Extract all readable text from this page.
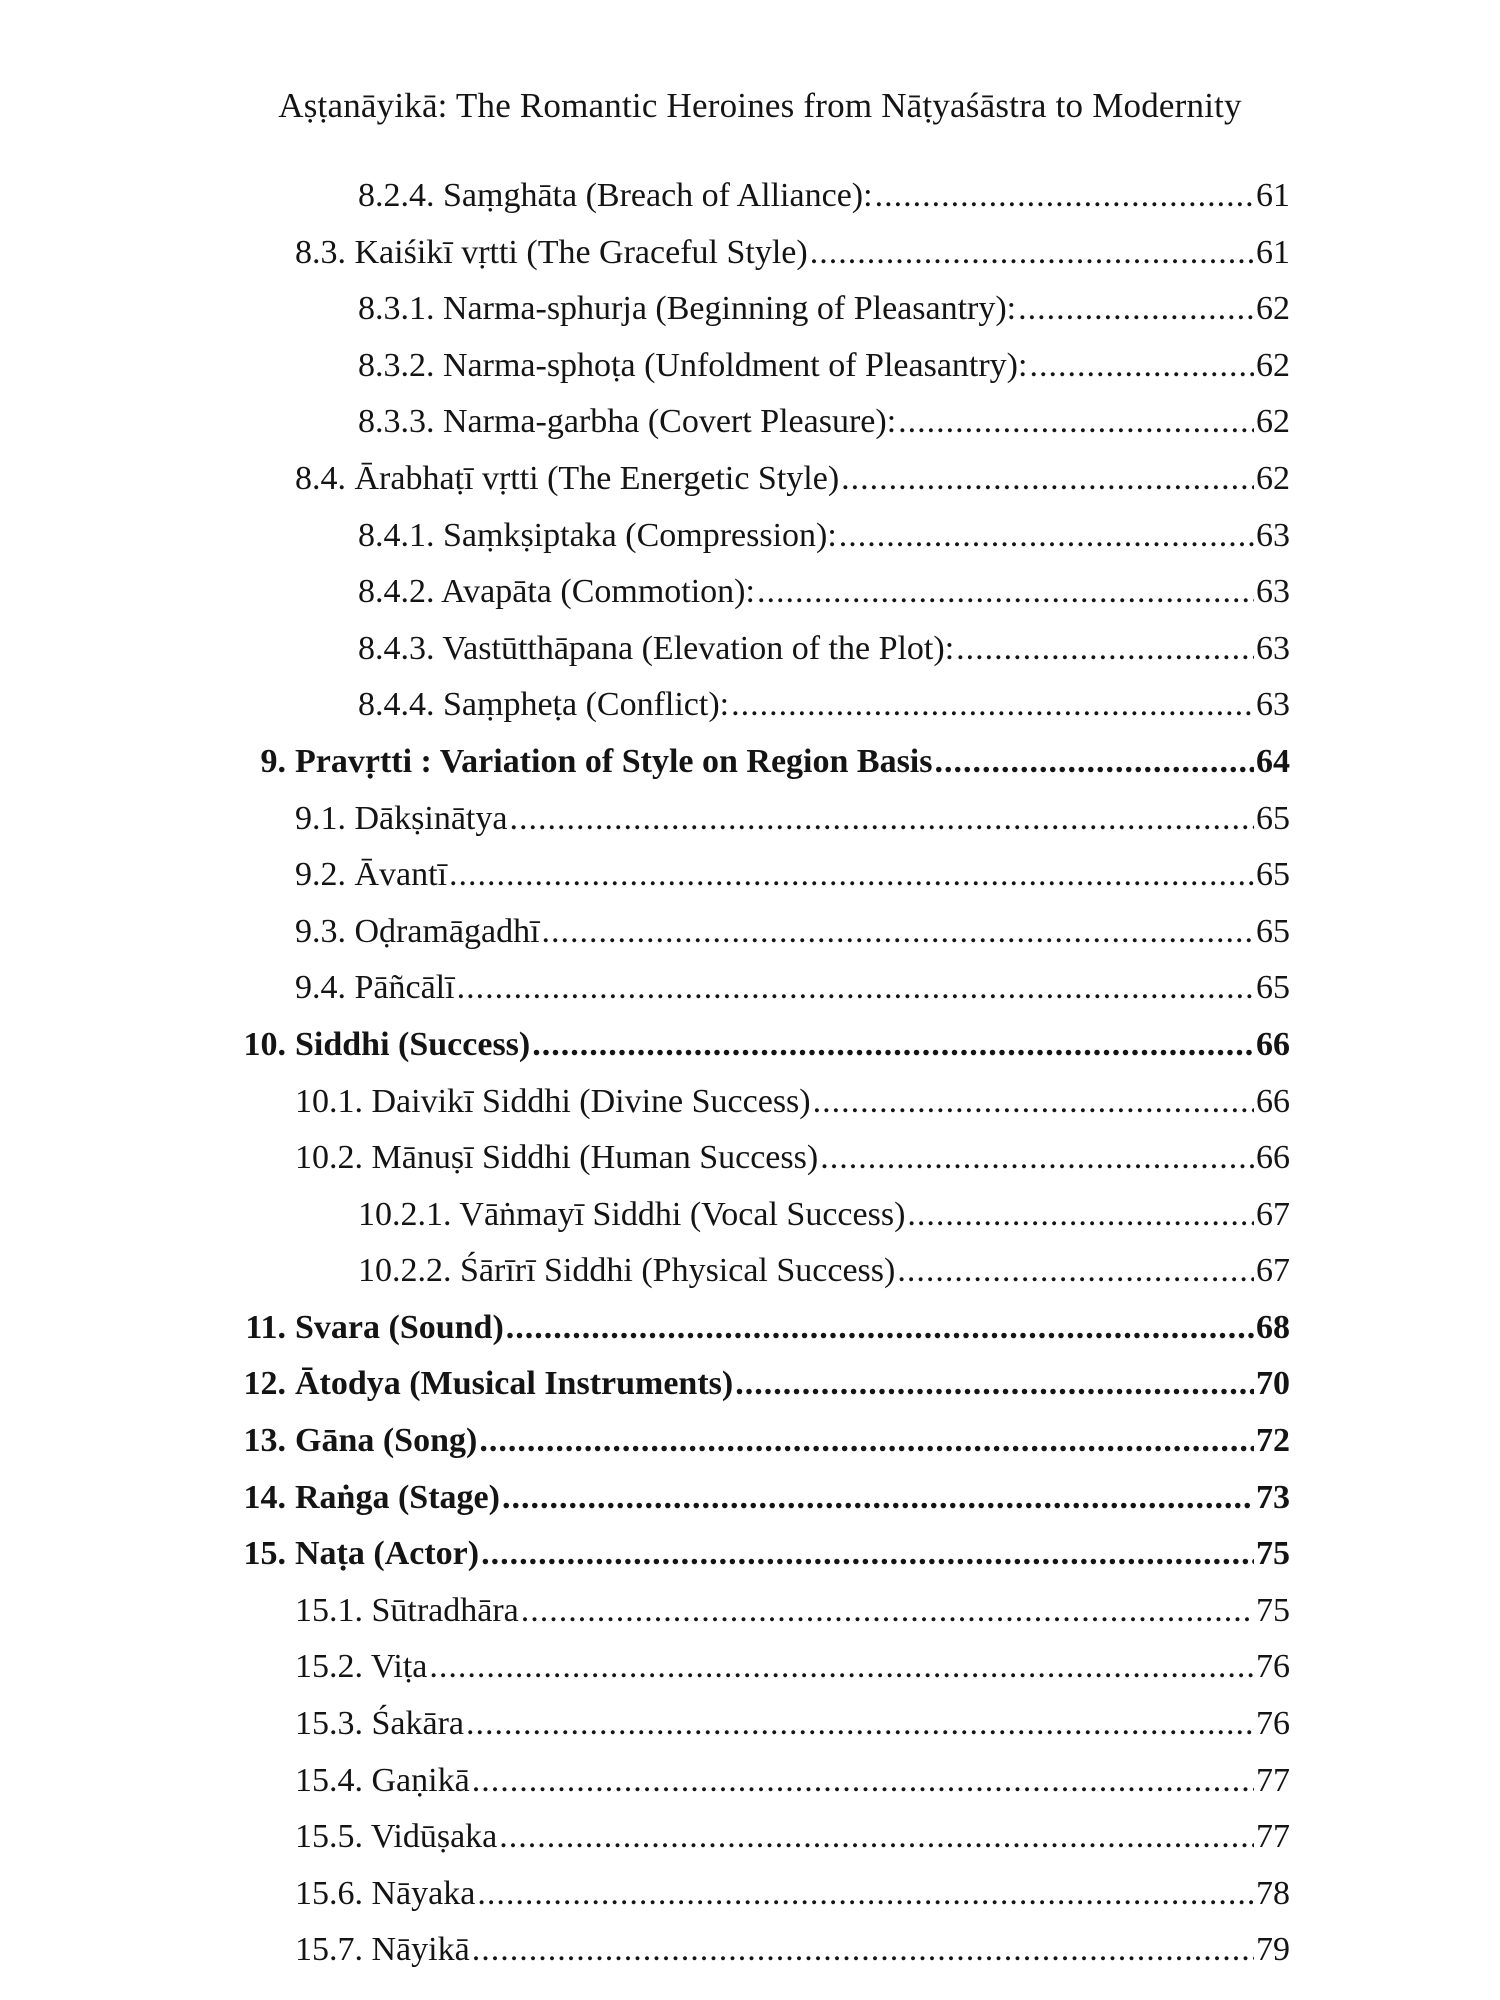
Aṣṭanāyikā: The Romantic Heroines from Nāṭyaśāstra to Modernity
8.2.4. Saṃghāta (Breach of Alliance): .....	61
8.3. Kaiśikī vṛtti (The Graceful Style) .....	61
8.3.1. Narma-sphurja (Beginning of Pleasantry): .....	62
8.3.2. Narma-sphoṭa (Unfoldment of Pleasantry): .....	62
8.3.3. Narma-garbha (Covert Pleasure): .....	62
8.4. Ārabhaṭī vṛtti (The Energetic Style) .....	62
8.4.1. Saṃkṣiptaka (Compression): .....	63
8.4.2. Avapāta (Commotion): .....	63
8.4.3. Vastūtthāpana (Elevation of the Plot): .....	63
8.4.4. Saṃpheṭa (Conflict): .....	63
9. Pravṛtti : Variation of Style on Region Basis .....	64
9.1. Dākṣinātya .....	65
9.2. Āvantī .....	65
9.3. Oḍramāgadhī .....	65
9.4. Pāñcālī .....	65
10. Siddhi (Success) .....	66
10.1. Daivikī Siddhi (Divine Success) .....	66
10.2. Mānuṣī Siddhi (Human Success) .....	66
10.2.1. Vāṅmayī Siddhi (Vocal Success) .....	67
10.2.2. Śārīrī Siddhi (Physical Success) .....	67
11. Svara (Sound) .....	68
12. Ātodya (Musical Instruments) .....	70
13. Gāna (Song) .....	72
14. Raṅga (Stage) .....	73
15. Naṭa (Actor) .....	75
15.1. Sūtradhāra .....	75
15.2. Viṭa .....	76
15.3. Śakāra .....	76
15.4. Gaṇikā .....	77
15.5. Vidūṣaka .....	77
15.6. Nāyaka .....	78
15.7. Nāyikā .....	79
